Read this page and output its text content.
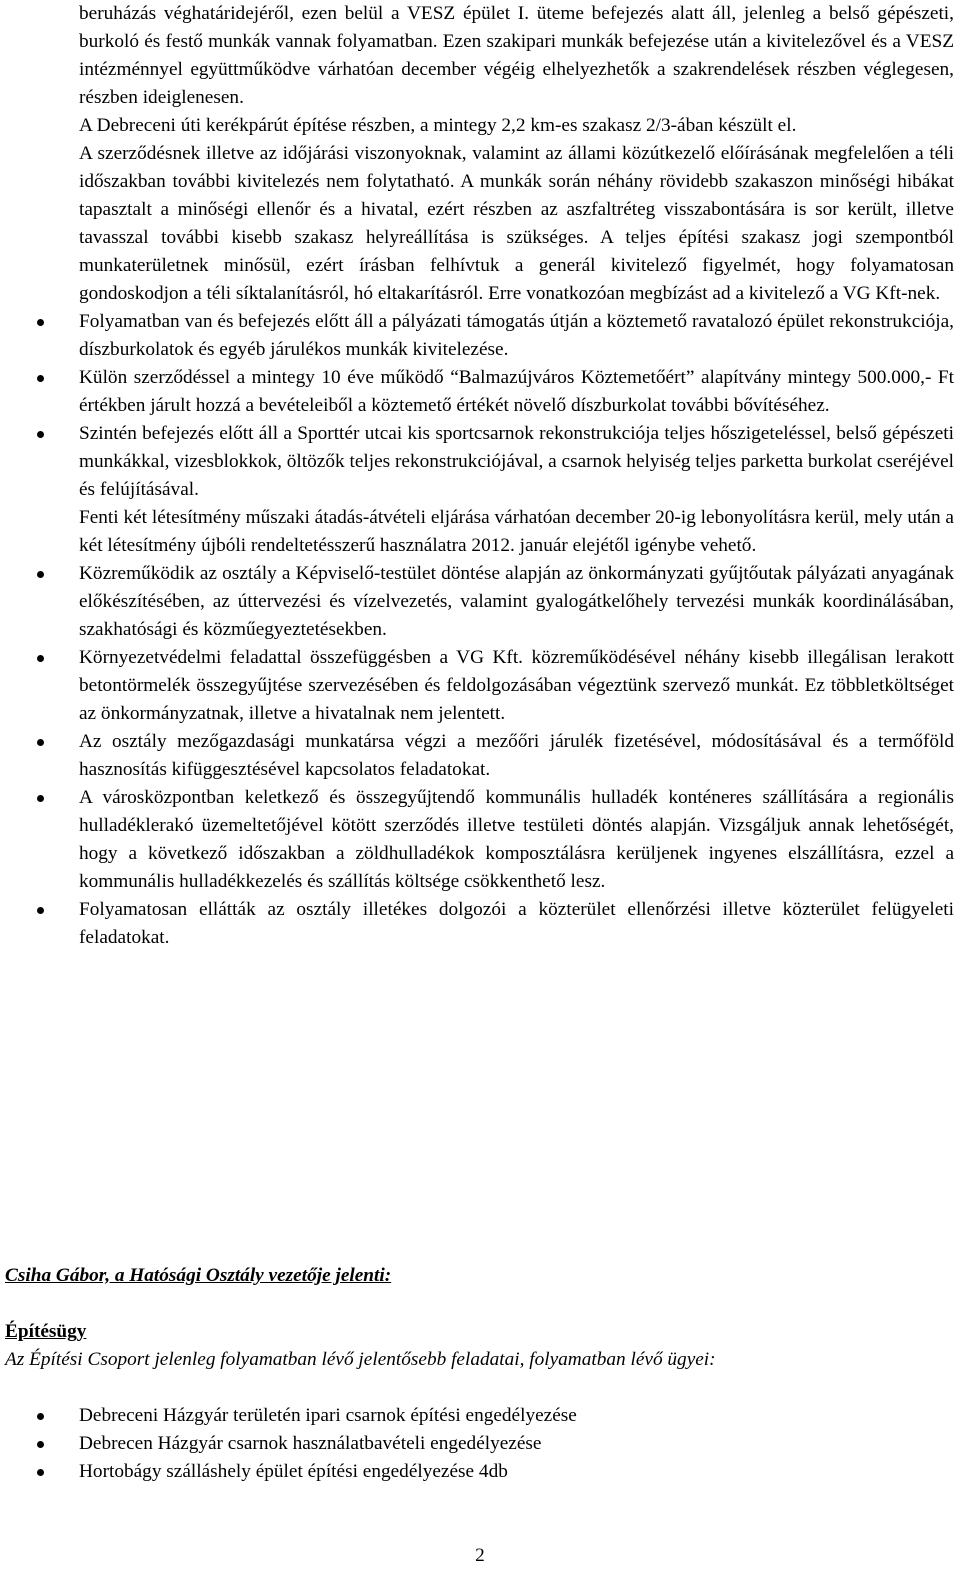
beruházás véghatáridejéről, ezen belül a VESZ épület I. üteme befejezés alatt áll, jelenleg a belső gépészeti, burkoló és festő munkák vannak folyamatban. Ezen szakipari munkák befejezése után a kivitelezővel és a VESZ intézménnyel együttműködve várhatóan december végéig elhelyezhetők a szakrendelések részben véglegesen, részben ideiglenesen.

A Debreceni úti kerékpárút építése részben, a mintegy 2,2 km-es szakasz 2/3-ában készült el.

A szerződésnek illetve az időjárási viszonyoknak, valamint az állami közútkezelő előírásának megfelelően a téli időszakban további kivitelezés nem folytatható. A munkák során néhány rövidebb szakaszon minőségi hibákat tapasztalt a minőségi ellenőr és a hivatal, ezért részben az aszfaltréteg visszabontására is sor került, illetve tavasszal további kisebb szakasz helyreállítása is szükséges. A teljes építési szakasz jogi szempontból munkaterületnek minősül, ezért írásban felhívtuk a generál kivitelező figyelmét, hogy folyamatosan gondoskodjon a téli síktalanításról, hó eltakarításról. Erre vonatkozóan megbízást ad a kivitelező a VG Kft-nek.

Folyamatban van és befejezés előtt áll a pályázati támogatás útján a köztemető ravatalozó épület rekonstrukciója, díszburkolatok és egyéb járulékos munkák kivitelezése.
Külön szerződéssel a mintegy 10 éve működő “Balmazújváros Köztemetőért” alapítvány mintegy 500.000,- Ft értékben járult hozzá a bevételeiből a köztemető értékét növelő díszburkolat további bővítéséhez.
Szintén befejezés előtt áll a Sporttér utcai kis sportcsarnok rekonstrukciója teljes hőszigeteléssel, belső gépészeti munkákkal, vizesblokkok, öltözők teljes rekonstrukciójával, a csarnok helyiség teljes parketta burkolat cseréjével és felújításával.

Fenti két létesítmény műszaki átadás-átvételi eljárása várhatóan december 20-ig lebonyolításra kerül, mely után a két létesítmény újbóli rendeltetésszerű használatra 2012. január elejétől igénybe vehető.

Közreműködik az osztály a Képviselő-testület döntése alapján az önkormányzati gyűjtőutak pályázati anyagának előkészítésében, az úttervezési és vízelvezetés, valamint gyalogátkelőhely tervezési munkák koordinálásában, szakhatósági és közműegyeztetésekben.
Környezetvédelmi feladattal összefüggésben a VG Kft. közreműködésével néhány kisebb illegálisan lerakott betontörmelék összegyűjtése szervezésében és feldolgozásában végeztünk szervező munkát. Ez többletköltséget az önkormányzatnak, illetve a hivatalnak nem jelentett.
Az osztály mezőgazdasági munkatársa végzi a mezőőri járulék fizetésével, módosításával és a termőföld hasznosítás kifüggesztésével kapcsolatos feladatokat.
A városközpontban keletkező és összegyűjtendő kommunális hulladék konténeres szállítására a regionális hulladéklerakó üzemeltetőjével kötött szerződés illetve testületi döntés alapján. Vizsgáljuk annak lehetőségét, hogy a következő időszakban a zöldhulladékok komposztálásra kerüljenek ingyenes elszállításra, ezzel a kommunális hulladékkezelés és szállítás költsége csökkenthető lesz.
Folyamatosan ellátták az osztály illetékes dolgozói a közterület ellenőrzési illetve közterület felügyeleti feladatokat.

Csiha Gábor, a Hatósági Osztály vezetője jelenti:

Építésügy

Az Építési Csoport jelenleg folyamatban lévő jelentősebb feladatai, folyamatban lévő ügyei:

Debreceni Házgyár területén ipari csarnok építési engedélyezése
Debrecen Házgyár csarnok használatbavételi engedélyezése
Hortobágy szálláshely épület építési engedélyezése 4db

2
